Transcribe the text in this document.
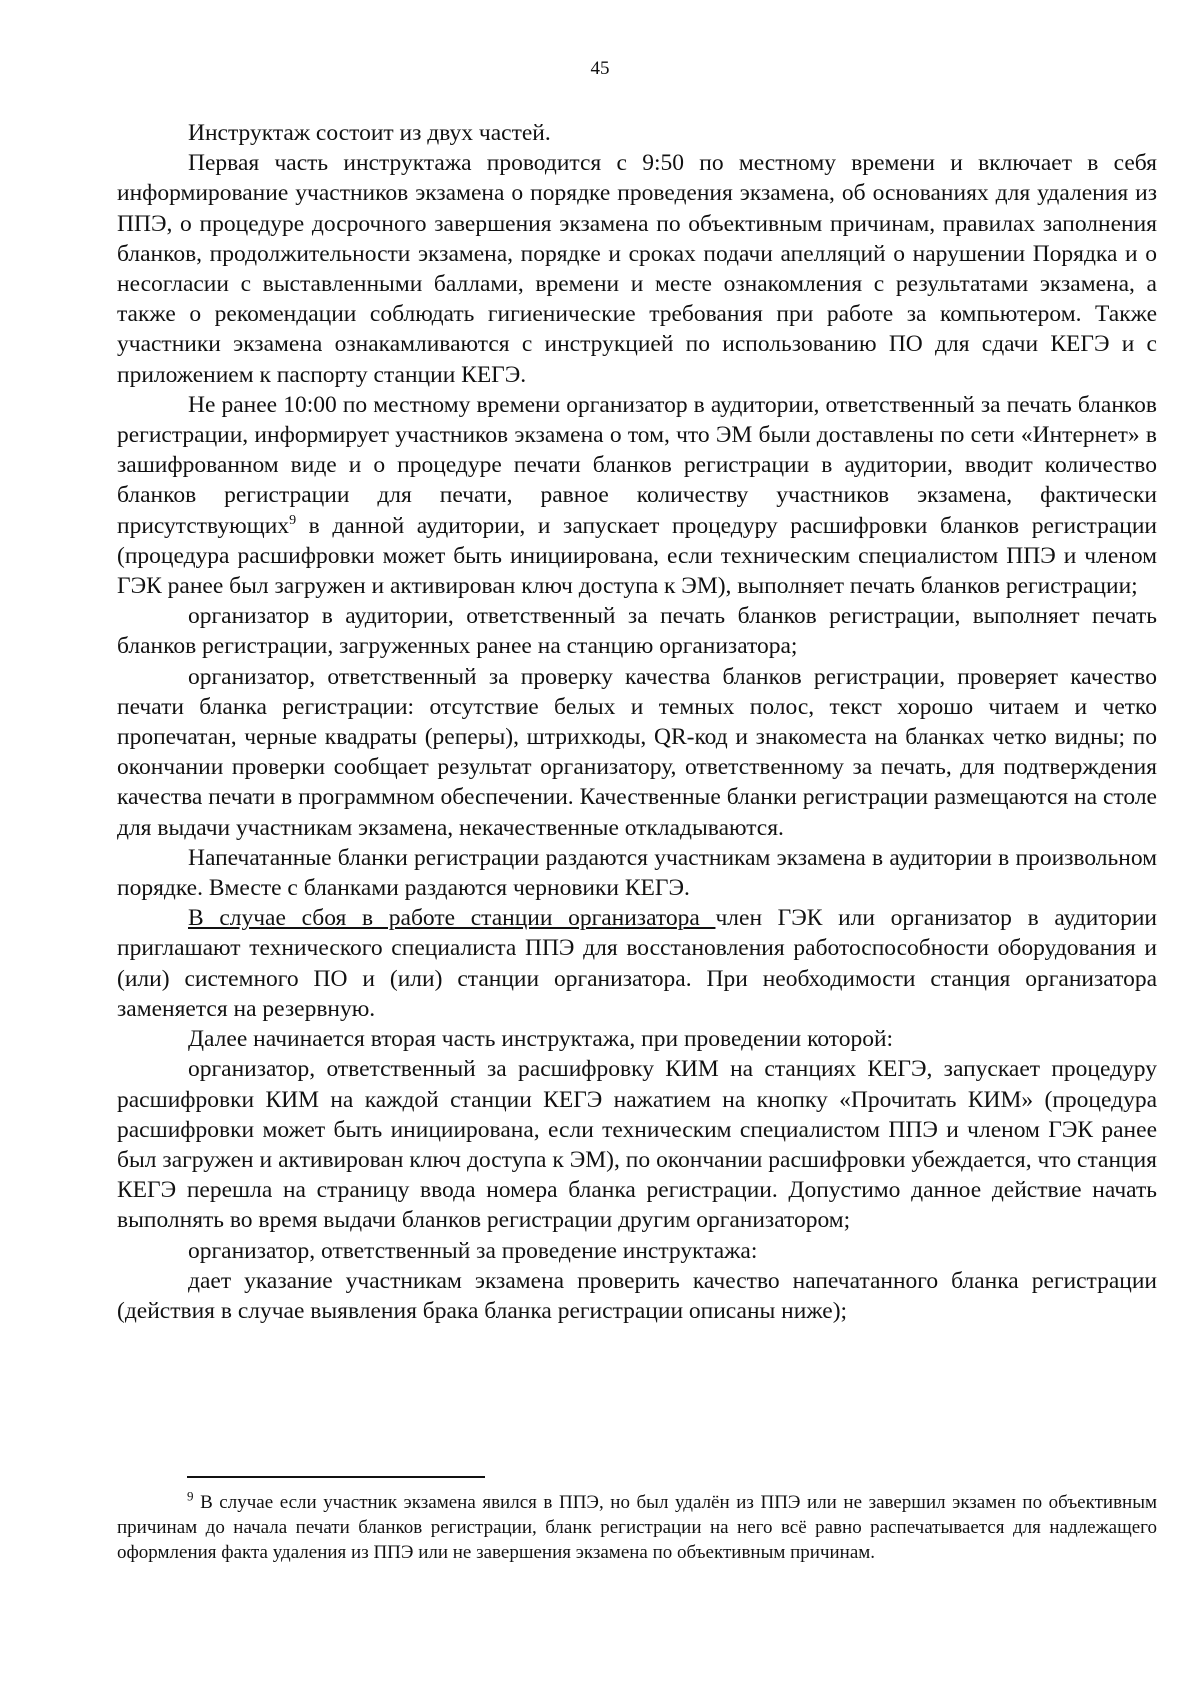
45

Инструктаж состоит из двух частей.

Первая часть инструктажа проводится с 9:50 по местному времени и включает в себя информирование участников экзамена о порядке проведения экзамена, об основаниях для удаления из ППЭ, о процедуре досрочного завершения экзамена по объективным причинам, правилах заполнения бланков, продолжительности экзамена, порядке и сроках подачи апелляций о нарушении Порядка и о несогласии с выставленными баллами, времени и месте ознакомления с результатами экзамена, а также о рекомендации соблюдать гигиенические требования при работе за компьютером. Также участники экзамена ознакамливаются с инструкцией по использованию ПО для сдачи КЕГЭ и с приложением к паспорту станции КЕГЭ.

Не ранее 10:00 по местному времени организатор в аудитории, ответственный за печать бланков регистрации, информирует участников экзамена о том, что ЭМ были доставлены по сети «Интернет» в зашифрованном виде и о процедуре печати бланков регистрации в аудитории, вводит количество бланков регистрации для печати, равное количеству участников экзамена, фактически присутствующих$^9$ в данной аудитории, и запускает процедуру расшифровки бланков регистрации (процедура расшифровки может быть инициирована, если техническим специалистом ППЭ и членом ГЭК ранее был загружен и активирован ключ доступа к ЭМ), выполняет печать бланков регистрации;

организатор в аудитории, ответственный за печать бланков регистрации, выполняет печать бланков регистрации, загруженных ранее на станцию организатора;

организатор, ответственный за проверку качества бланков регистрации, проверяет качество печати бланка регистрации: отсутствие белых и темных полос, текст хорошо читаем и четко пропечатан, черные квадраты (реперы), штрихкоды, QR-код и знакоместа на бланках четко видны; по окончании проверки сообщает результат организатору, ответственному за печать, для подтверждения качества печати в программном обеспечении. Качественные бланки регистрации размещаются на столе для выдачи участникам экзамена, некачественные откладываются.

Напечатанные бланки регистрации раздаются участникам экзамена в аудитории в произвольном порядке. Вместе с бланками раздаются черновики КЕГЭ.

В случае сбоя в работе станции организатора член ГЭК или организатор в аудитории приглашают технического специалиста ППЭ для восстановления работоспособности оборудования и (или) системного ПО и (или) станции организатора. При необходимости станция организатора заменяется на резервную.

Далее начинается вторая часть инструктажа, при проведении которой:

организатор, ответственный за расшифровку КИМ на станциях КЕГЭ, запускает процедуру расшифровки КИМ на каждой станции КЕГЭ нажатием на кнопку «Прочитать КИМ» (процедура расшифровки может быть инициирована, если техническим специалистом ППЭ и членом ГЭК ранее был загружен и активирован ключ доступа к ЭМ), по окончании расшифровки убеждается, что станция КЕГЭ перешла на страницу ввода номера бланка регистрации. Допустимо данное действие начать выполнять во время выдачи бланков регистрации другим организатором;

организатор, ответственный за проведение инструктажа:

дает указание участникам экзамена проверить качество напечатанного бланка регистрации (действия в случае выявления брака бланка регистрации описаны ниже);

$^9$ В случае если участник экзамена явился в ППЭ, но был удалён из ППЭ или не завершил экзамен по объективным причинам до начала печати бланков регистрации, бланк регистрации на него всё равно распечатывается для надлежащего оформления факта удаления из ППЭ или не завершения экзамена по объективным причинам.
